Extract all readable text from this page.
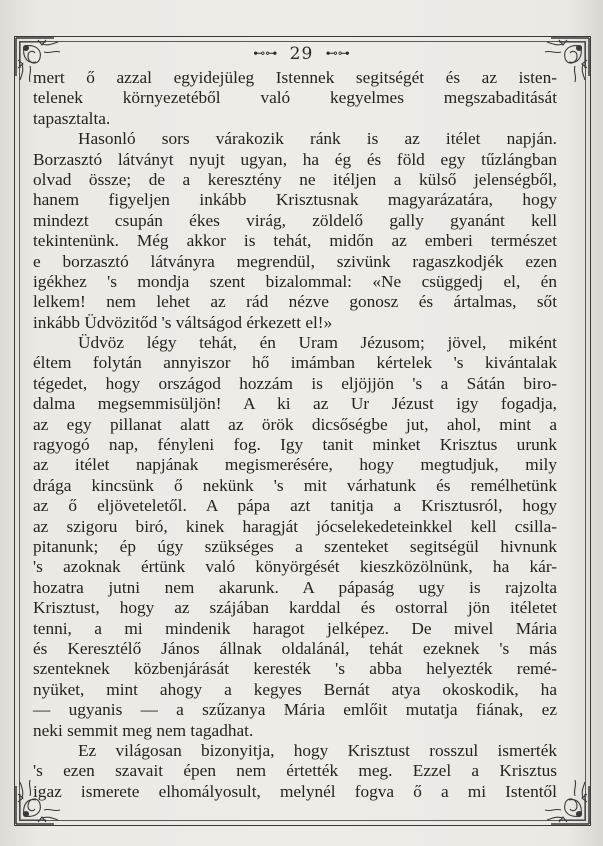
⊷⊶ 29 ⊷⊶
mert ő azzal egyidejüleg Istennek segitségét és az isten-
telenek környezetéből való kegyelmes megszabaditását
tapasztalta.
Hasonló sors várakozik ránk is az itélet napján.
Borzasztó látványt nyujt ugyan, ha ég és föld egy tűzlángban
olvad össze; de a keresztény ne itéljen a külső jelenségből,
hanem figyeljen inkább Krisztusnak magyarázatára, hogy
mindezt csupán ékes virág, zöldelő gally gyanánt kell
tekintenünk. Még akkor is tehát, midőn az emberi természet
e borzasztó látványra megrendül, szivünk ragaszkodjék ezen
igékhez 's mondja szent bizalommal: «Ne csüggedj el, én
lelkem! nem lehet az rád nézve gonosz és ártalmas, sőt
inkább Üdvözitőd 's váltságod érkezett el!»
Üdvöz légy tehát, én Uram Jézusom; jövel, miként
éltem folytán annyiszor hő imámban kértelek 's kivántalak
tégedet, hogy országod hozzám is eljöjjön 's a Sátán biro-
dalma megsemmisüljön! A ki az Ur Jézust igy fogadja,
az egy pillanat alatt az örök dicsőségbe jut, ahol, mint a
ragyogó nap, fényleni fog. Igy tanit minket Krisztus urunk
az itélet napjának megismerésére, hogy megtudjuk, mily
drága kincsünk ő nekünk 's mit várhatunk és remélhetünk
az ő eljöveteletől. A pápa azt tanitja a Krisztusról, hogy
az szigoru biró, kinek haragját jócselekedeteinkkel kell csilla-
pitanunk; ép úgy szükséges a szenteket segitségül hivnunk
's azoknak értünk való könyörgését kieszközölnünk, ha kár-
hozatra jutni nem akarunk. A pápaság ugy is rajzolta
Krisztust, hogy az szájában karddal és ostorral jön itéletet
tenni, a mi mindenik haragot jelképez. De mivel Mária
és Keresztélő János állnak oldalánál, tehát ezeknek 's más
szenteknek közbenjárását keresték 's abba helyezték remé-
nyüket, mint ahogy a kegyes Bernát atya okoskodik, ha
— ugyanis — a szűzanya Mária emlőit mutatja fiának, ez
neki semmit meg nem tagadhat.
Ez világosan bizonyitja, hogy Krisztust rosszul ismerték
's ezen szavait épen nem értették meg. Ezzel a Krisztus
igaz ismerete elhomályosult, melynél fogva ő a mi Istentől
